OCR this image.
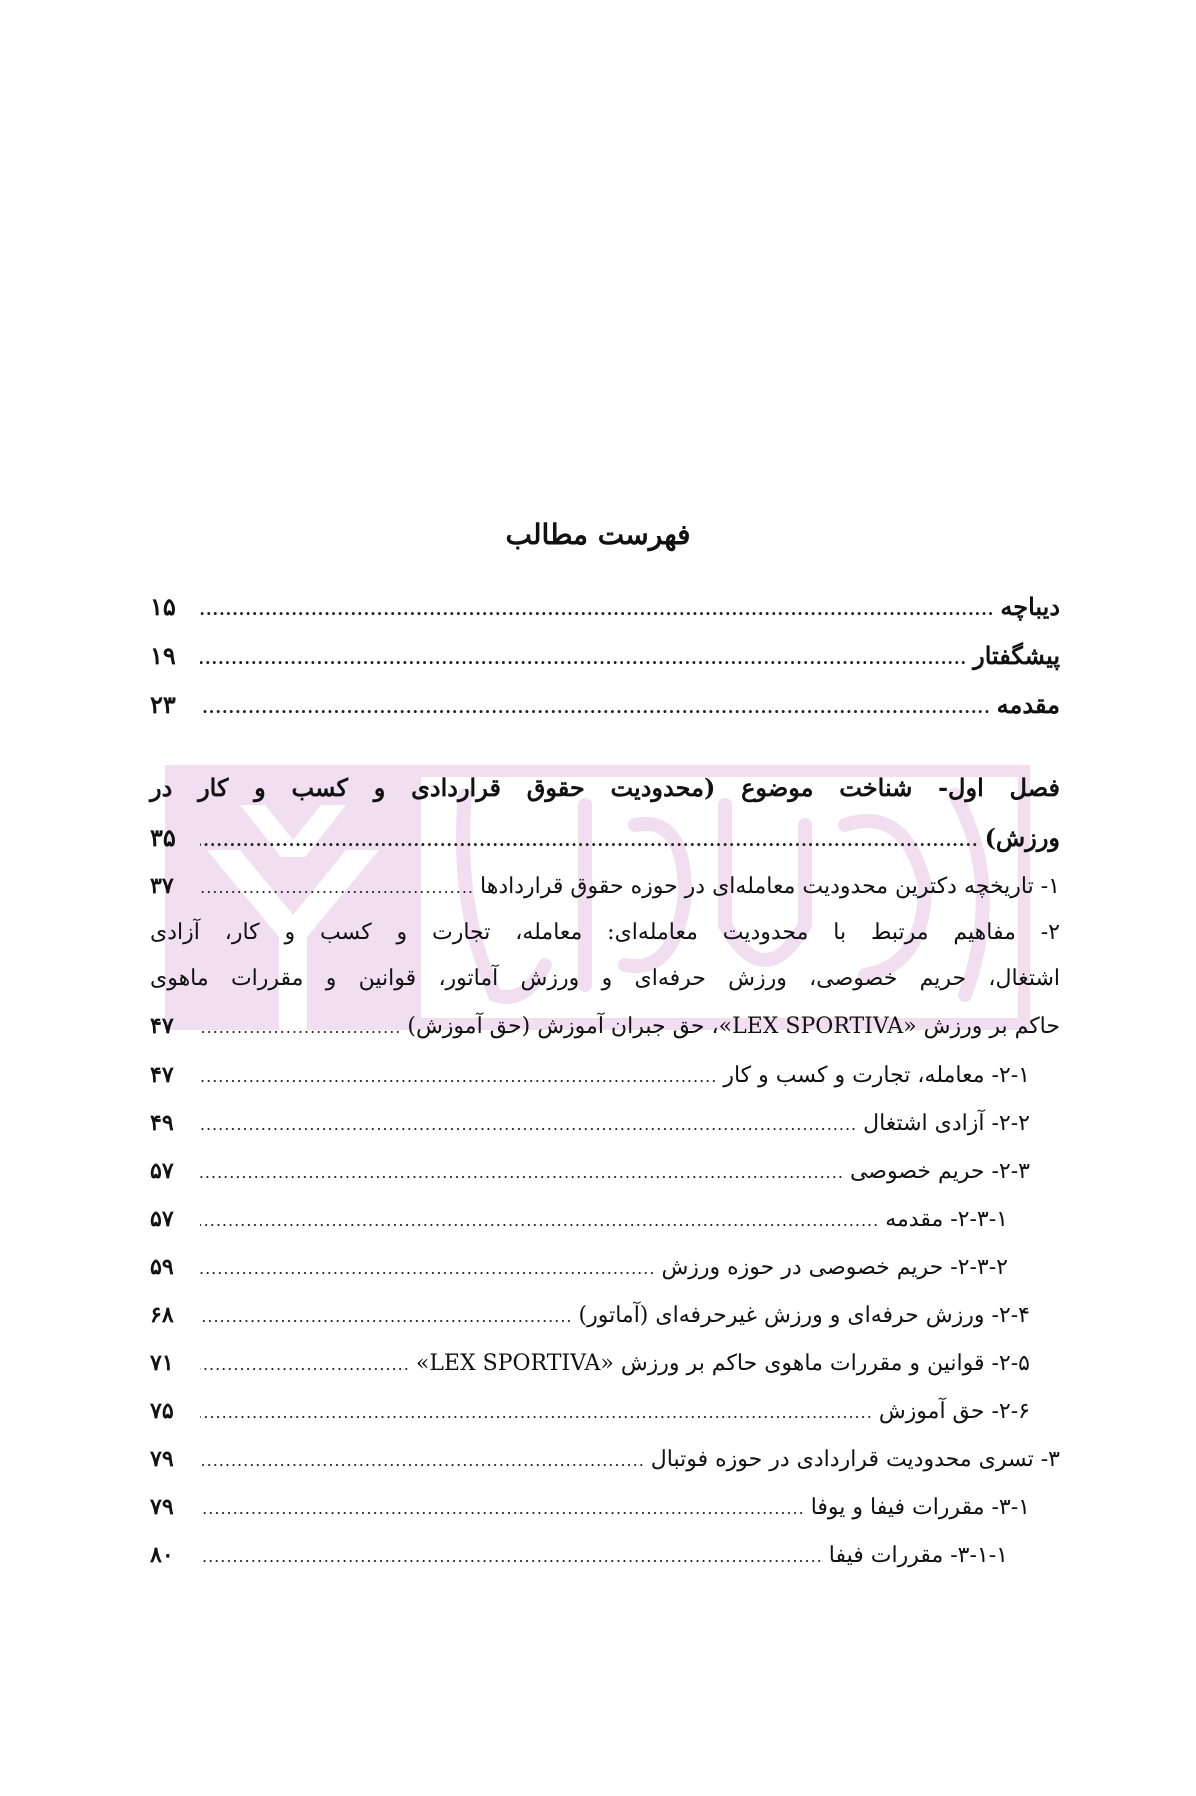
فهرست مطالب
دیباچه
.....
۱۵
پیشگفتار
.....
۱۹
مقدمه
.....
۲۳
فصل اول- شناخت موضوع (محدودیت حقوق قراردادی و کسب و کار در
ورزش)
.....
۳۵
۱- تاریخچه دکترین محدودیت معامله‌ای در حوزه حقوق قراردادها
.....
۳۷
۲- مفاهیم مرتبط با محدودیت معامله‌ای: معامله، تجارت و کسب و کار، آزادی
اشتغال، حریم خصوصی، ورزش حرفه‌ای و ورزش آماتور، قوانین و مقررات ماهوی
حاکم بر ورزش «LEX SPORTIVA»، حق جبران آموزش (حق آموزش)
.....
۴۷
۲-۱- معامله، تجارت و کسب و کار
.....
۴۷
۲-۲- آزادی اشتغال
.....
۴۹
۲-۳- حریم خصوصی
.....
۵۷
۲-۳-۱- مقدمه
.....
۵۷
۲-۳-۲- حریم خصوصی در حوزه ورزش
.....
۵۹
۲-۴- ورزش حرفه‌ای و ورزش غیرحرفه‌ای (آماتور)
.....
۶۸
۲-۵- قوانین و مقررات ماهوی حاکم بر ورزش «LEX SPORTIVA»
.....
۷۱
۲-۶- حق آموزش
.....
۷۵
۳- تسری محدودیت قراردادی در حوزه فوتبال
.....
۷۹
۳-۱- مقررات فیفا و یوفا
.....
۷۹
۳-۱-۱- مقررات فیفا
.....
۸۰
